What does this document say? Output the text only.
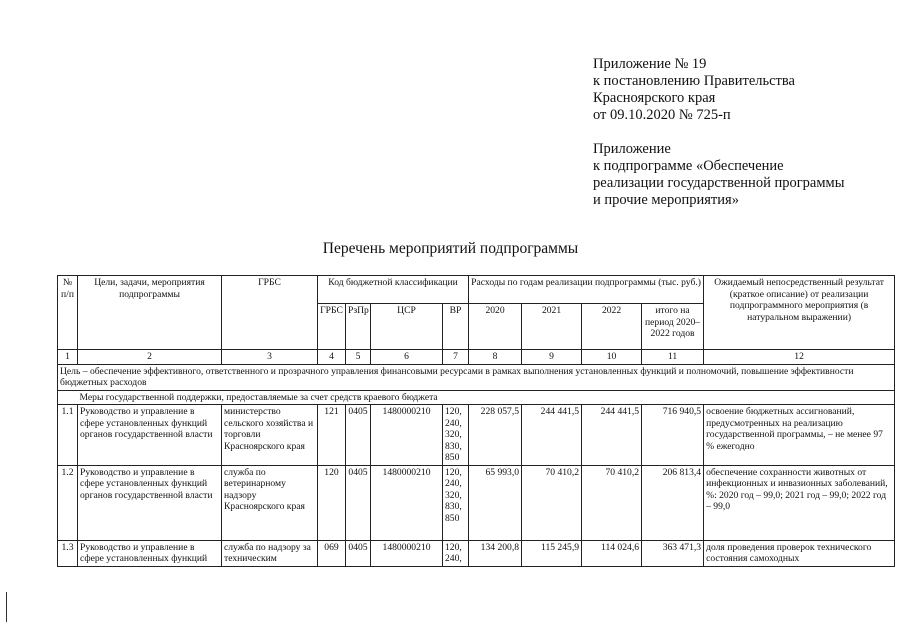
Приложение № 19
к постановлению Правительства
Красноярского края
от 09.10.2020 № 725-п
Приложение
к подпрограмме «Обеспечение
реализации государственной программы
и прочие мероприятия»
Перечень мероприятий подпрограммы
№ п/п	Цели, задачи, мероприятия подпрограммы	ГРБС	Код бюджетной классификации				Расходы по годам реализации подпрограммы (тыс. руб.)				Ожидаемый непосредственный результат (краткое описание) от реализации подпрограммного мероприятия (в натуральном выражении)
			ГРБС	РзПр	ЦСР	ВР	2020	2021	2022	итого на период 2020–2022 годов	
1	2	3	4	5	6	7	8	9	10	11	12
Цель – обеспечение эффективного, ответственного и прозрачного управления финансовыми ресурсами в рамках выполнения установленных функций и полномочий, повышение эффективности бюджетных расходов											
	Меры государственной поддержки, предоставляемые за счет средств краевого бюджета										
1.1	Руководство и управление в сфере установленных функций органов государственной власти	министерство сельского хозяйства и торговли Красноярского края	121	0405	1480000210	120, 240, 320, 830, 850	228 057,5	244 441,5	244 441,5	716 940,5	освоение бюджетных ассигнований, предусмотренных на реализацию государственной программы, – не менее 97 % ежегодно
1.2	Руководство и управление в сфере установленных функций органов государственной власти	служба по ветеринарному надзору Красноярского края	120	0405	1480000210	120, 240, 320, 830, 850	65 993,0	70 410,2	70 410,2	206 813,4	обеспечение сохранности животных от инфекционных и инвазионных заболеваний, %: 2020 год – 99,0; 2021 год – 99,0; 2022 год – 99,0
1.3	Руководство и управление в сфере установленных функций	служба по надзору за техническим	069	0405	1480000210	120, 240,	134 200,8	115 245,9	114 024,6	363 471,3	доля проведения проверок технического состояния самоходных
